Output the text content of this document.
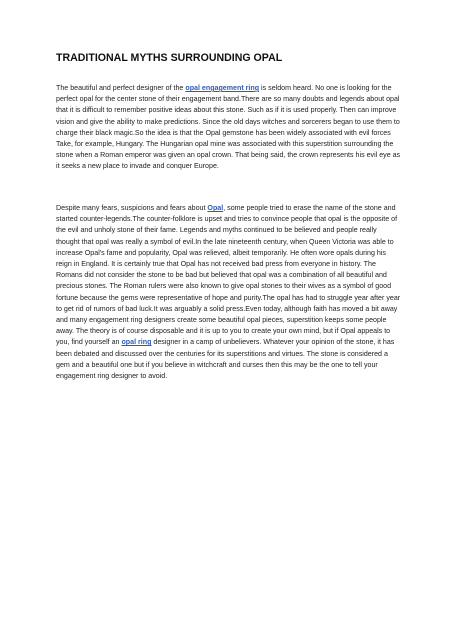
TRADITIONAL MYTHS SURROUNDING OPAL

The beautiful and perfect designer of the opal engagement ring is seldom heard. No one is looking for the perfect opal for the center stone of their engagement band.There are so many doubts and legends about opal that it is difficult to remember positive ideas about this stone. Such as if it is used properly. Then can improve vision and give the ability to make predictions. Since the old days witches and sorcerers began to use them to charge their black magic.So the idea is that the Opal gemstone has been widely associated with evil forces Take, for example, Hungary. The Hungarian opal mine was associated with this superstition surrounding the stone when a Roman emperor was given an opal crown. That being said, the crown represents his evil eye as it seeks a new place to invade and conquer Europe.

Despite many fears, suspicions and fears about Opal, some people tried to erase the name of the stone and started counter-legends.The counter-folklore is upset and tries to convince people that opal is the opposite of the evil and unholy stone of their fame. Legends and myths continued to be believed and people really thought that opal was really a symbol of evil.In the late nineteenth century, when Queen Victoria was able to increase Opal's fame and popularity, Opal was relieved, albeit temporarily. He often wore opals during his reign in England. It is certainly true that Opal has not received bad press from everyone in history. The Romans did not consider the stone to be bad but believed that opal was a combination of all beautiful and precious stones. The Roman rulers were also known to give opal stones to their wives as a symbol of good fortune because the gems were representative of hope and purity.The opal has had to struggle year after year to get rid of rumors of bad luck.It was arguably a solid press.Even today, although faith has moved a bit away and many engagement ring designers create some beautiful opal pieces, superstition keeps some people away. The theory is of course disposable and it is up to you to create your own mind, but if Opal appeals to you, find yourself an opal ring designer in a camp of unbelievers. Whatever your opinion of the stone, it has been debated and discussed over the centuries for its superstitions and virtues. The stone is considered a gem and a beautiful one but if you believe in witchcraft and curses then this may be the one to tell your engagement ring designer to avoid.
